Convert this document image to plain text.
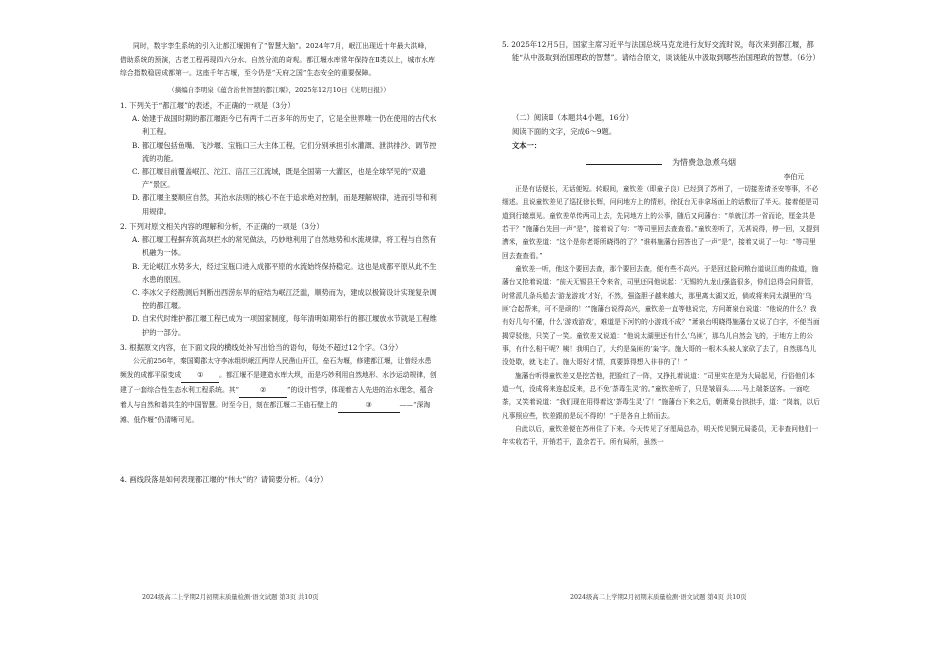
同时，数字孪生系统的引入让都江堰拥有了“智慧大脑”。2024年7月，岷江出现近十年最大洪峰，借助系统的预演，古老工程再现四六分水、自然分流的奇观。都江堰水库常年保持在Ⅱ类以上，城市水库综合指数稳居成都第一。这座千年古堰，至今仍是“天府之国”生态安全的重要保障。

（摘编自李明泉《蕴含治世智慧的都江堰》，2025年12月10日《光明日报》）

1. 下列关于“都江堰”的表述，不正确的一项是（3分）

A. 始建于战国时期的都江堰距今已有两千二百多年的历史了，它是全世界唯一仍在使用的古代水利工程。

B. 都江堰包括鱼嘴、飞沙堰、宝瓶口三大主体工程，它们分别承担引水灌溉、泄洪排沙、调节控流的功能。

C. 都江堰目前覆盖岷江、沱江、涪江三江流域，既是全国第一大灌区，也是全球罕见的“双遗产”景区。

D. 都江堰主要顺应自然，其治水法则的核心不在于追求绝对控制，而是理解规律，进而引导和利用规律。

2. 下列对原文相关内容的理解和分析，不正确的一项是（3分）

A. 都江堰工程摒弃筑高坝拦水的常见做法，巧妙地利用了自然地势和水流规律，将工程与自然有机融为一体。

B. 无论岷江水势多大，经过宝瓶口进入成都平原的水流始终保持稳定。这也是成都平原从此不生水患的原因。

C. 李冰父子经勘测后判断出西涝东旱的症结为岷江泛滥，顺势而为，建成以极简设计实现复杂调控的都江堰。

D. 自宋代时维护都江堰工程已成为一项国家制度，每年清明如期举行的都江堰放水节就是工程维护的一部分。

3. 根据原文内容，在下面文段的横线处补写出恰当的语句，每处不超过12个字。（3分）

公元前256年，秦国蜀郡太守李冰组织岷江两岸人民凿山开江，垒石为堰，修建都江堰，让曾经水患频发的成都平原变成 ① 。都江堰不是建造水库大坝，而是巧妙利用自然地形、水沙运动规律，创建了一套综合性生态水利工程系统。其“	②	”的设计哲学，体现着古人先进的治水理念，蕴含着人与自然和谐共生的中国智慧。时至今日，刻在都江堰二王庙石壁上的	③	——“深淘滩、低作堰”仍清晰可见。

4. 画线段落是如何表现都江堰的“伟大”的？请简要分析。（4分）

2024级高二上学期2月初期末质量检测·语文试题 第3页 共10页

5. 2025年12月5日，国家主席习近平与法国总统马克龙进行友好交流时说，每次来到都江堰，都能“从中汲取到治国理政的智慧”。请结合原文，谈谈能从中汲取到哪些治国理政的智慧。（6分）

（二）阅读Ⅱ（本题共4小题，16分）

阅读下面的文字，完成6～9题。

文本一：

为惜费急急煮乌烟

李伯元

正是有话便长，无话便短。转眼间，童钦差（即童子良）已经到了苏州了，一切接差请圣安等事，不必细述。且说童钦差见了巡抚徐长辉，问问地方上的情形，徐抚台无非拿场面上的话敷衍了半天。接着便是司道到行辕禀见。童钦差单传两司上去，先同地方上的公事，随后又问藩台：“单就江苏一省而论，厘金共是若干？”施藩台先回一声“是”，接着说了句：“等司里回去查查看。”童钦差听了，无甚说得，停一回，又提到漕米，童钦差道：“这个是你老哥所晓得的了？”谁料施藩台回答也了一声“是”，接着又说了一句：“等司里回去查查看。”

童钦差一听，他这个要回去查，那个要回去查，便有些不高兴。于是回过脸问粮台道说江南的盐道，施藩台又抢着说道：“前天无锡县王令来省，司里还同他说起：‘无锡的九龙山强盗很多，你们总得会同督管，时常派几条兵船去‘游龙游戏’才好，不然，强盗胆子越来越大，那里离太湖又近，倘或将来同太湖里的‘乌匪’合起帮来，可不是顽的！’”施藩台说得高兴，童钦差一直等他说完，方问萧泉台说道：“他说的什么？我有好几句不懂，什么‘游戏游戏’，难道是下河钓的小游戏不成？”萧泉台明晓得施藩台又说了白字，不便当面揭穿驳他，只笑了一笑。童钦差又说道：“他说太湖里还有什么‘乌匪’，那乌儿自然会飞的，于地方上的公事，有什么相干呢？咦！我明白了，大约是枭匪的‘枭’字。施大哥的一根木头被人家砍了去了，自然那鸟儿没处歇，就飞走了。施大哥好才情，真要算得想入非非的了！”

施藩台听得童钦差又是挖苦他，把脸红了一阵，又挣扎着说道：“司里实在是为大局起见，行俗他们本道一气，没成将来连起反来，总不免‘荼毒生灵’的。”童钦差听了，只是皱眉头……马上端茶送客。一面吃茶，又笑着说道：“我们现在用得着这‘荼毒生灵’了！”施藩台下来之后，朝萧臬台拱拱手，道：“岗翁，以后凡事照应些，钦差跟前是玩不得的！”于是各自上轿而去。

自此以后，童钦差便在苏州住了下来。今天传见了牙厘局总办，明天传见铜元局委员，无非查问他们一年实收若干，开销若干，盈余若干。所有局所，虽然一

2024级高二上学期2月初期末质量检测·语文试题 第4页 共10页
